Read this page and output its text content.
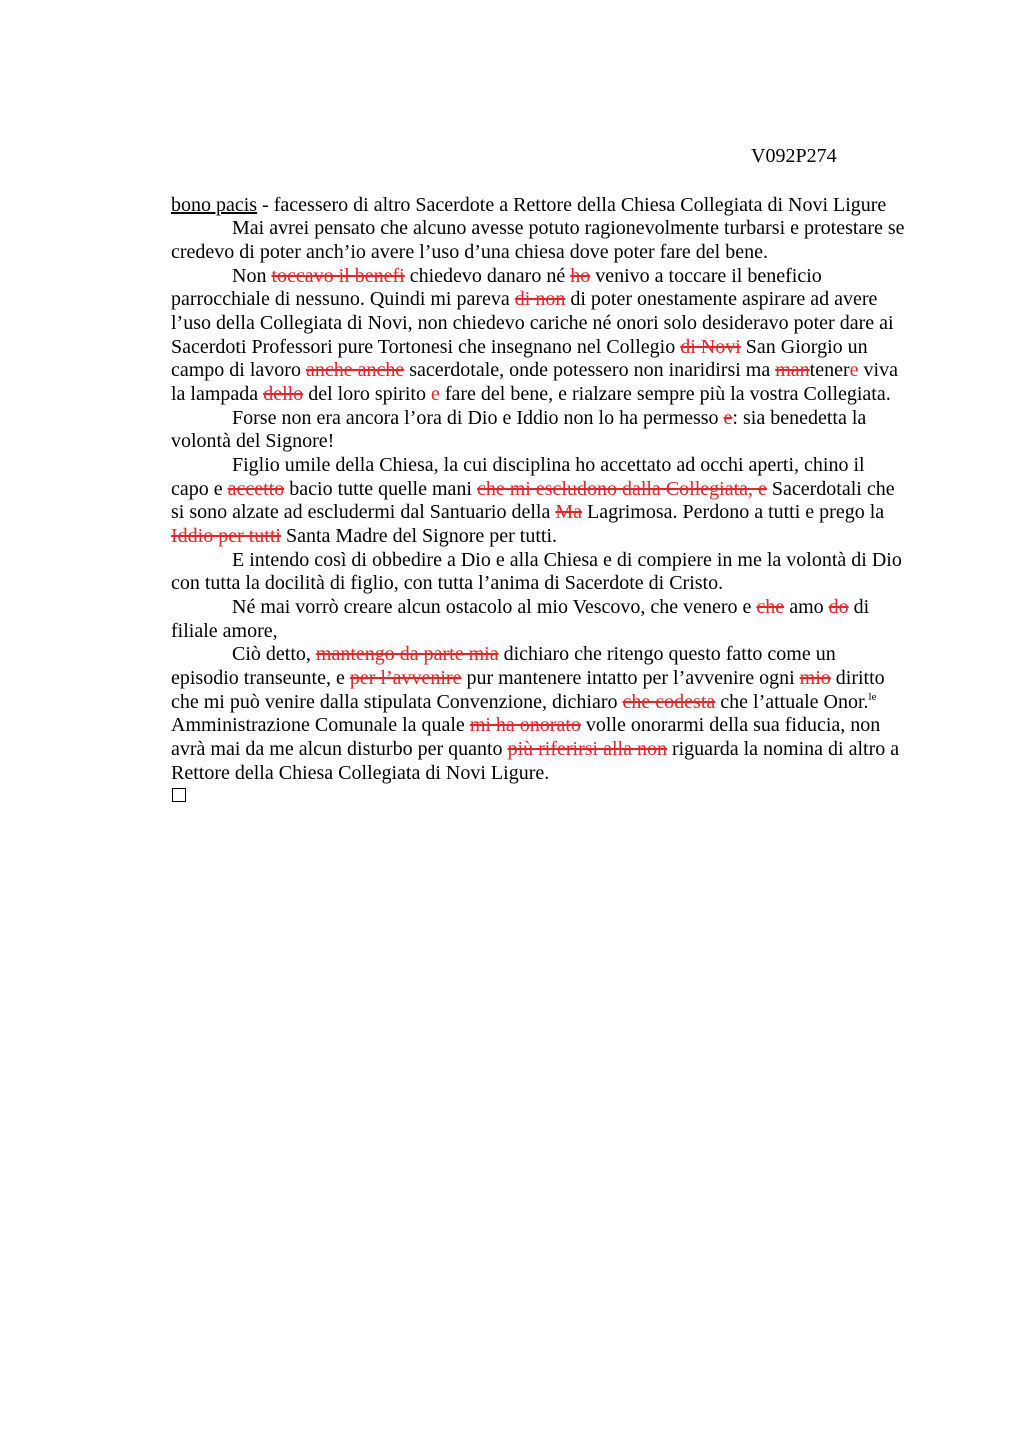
V092P274
bono pacis - facessero di altro Sacerdote a Rettore della Chiesa Collegiata di Novi Ligure
Mai avrei pensato che alcuno avesse potuto ragionevolmente turbarsi e protestare se
credevo di poter anch’io avere l’uso d’una chiesa dove poter fare del bene.
Non toccavo il benefi chiedevo danaro né ho venivo a toccare il beneficio
parrocchiale di nessuno. Quindi mi pareva di non di poter onestamente aspirare ad avere
l’uso della Collegiata di Novi, non chiedevo cariche né onori solo desideravo poter dare ai
Sacerdoti Professori pure Tortonesi che insegnano nel Collegio di Novi San Giorgio un
campo di lavoro anche anche sacerdotale, onde potessero non inaridirsi ma mantenere viva
la lampada dello del loro spirito e fare del bene, e rialzare sempre più la vostra Collegiata.
Forse non era ancora l’ora di Dio e Iddio non lo ha permesso e: sia benedetta la
volontà del Signore!
Figlio umile della Chiesa, la cui disciplina ho accettato ad occhi aperti, chino il
capo e accetto bacio tutte quelle mani che mi escludono dalla Collegiata, e Sacerdotali che
si sono alzate ad escludermi dal Santuario della Ma Lagrimosa. Perdono a tutti e prego la
Iddio per tutti Santa Madre del Signore per tutti.
E intendo così di obbedire a Dio e alla Chiesa e di compiere in me la volontà di Dio
con tutta la docilità di figlio, con tutta l’anima di Sacerdote di Cristo.
Né mai vorrò creare alcun ostacolo al mio Vescovo, che venero e che amo do di
filiale amore,
Ciò detto, mantengo da parte mia dichiaro che ritengo questo fatto come un
episodio transeunte, e per l’avvenire pur mantenere intatto per l’avvenire ogni mio diritto
che mi può venire dalla stipulata Convenzione, dichiaro che codesta che l’attuale Onor.$^{le}$
Amministrazione Comunale la quale mi ha onorato volle onorarmi della sua fiducia, non
avrà mai da me alcun disturbo per quanto più riferirsi alla non riguarda la nomina di altro a
Rettore della Chiesa Collegiata di Novi Ligure.
